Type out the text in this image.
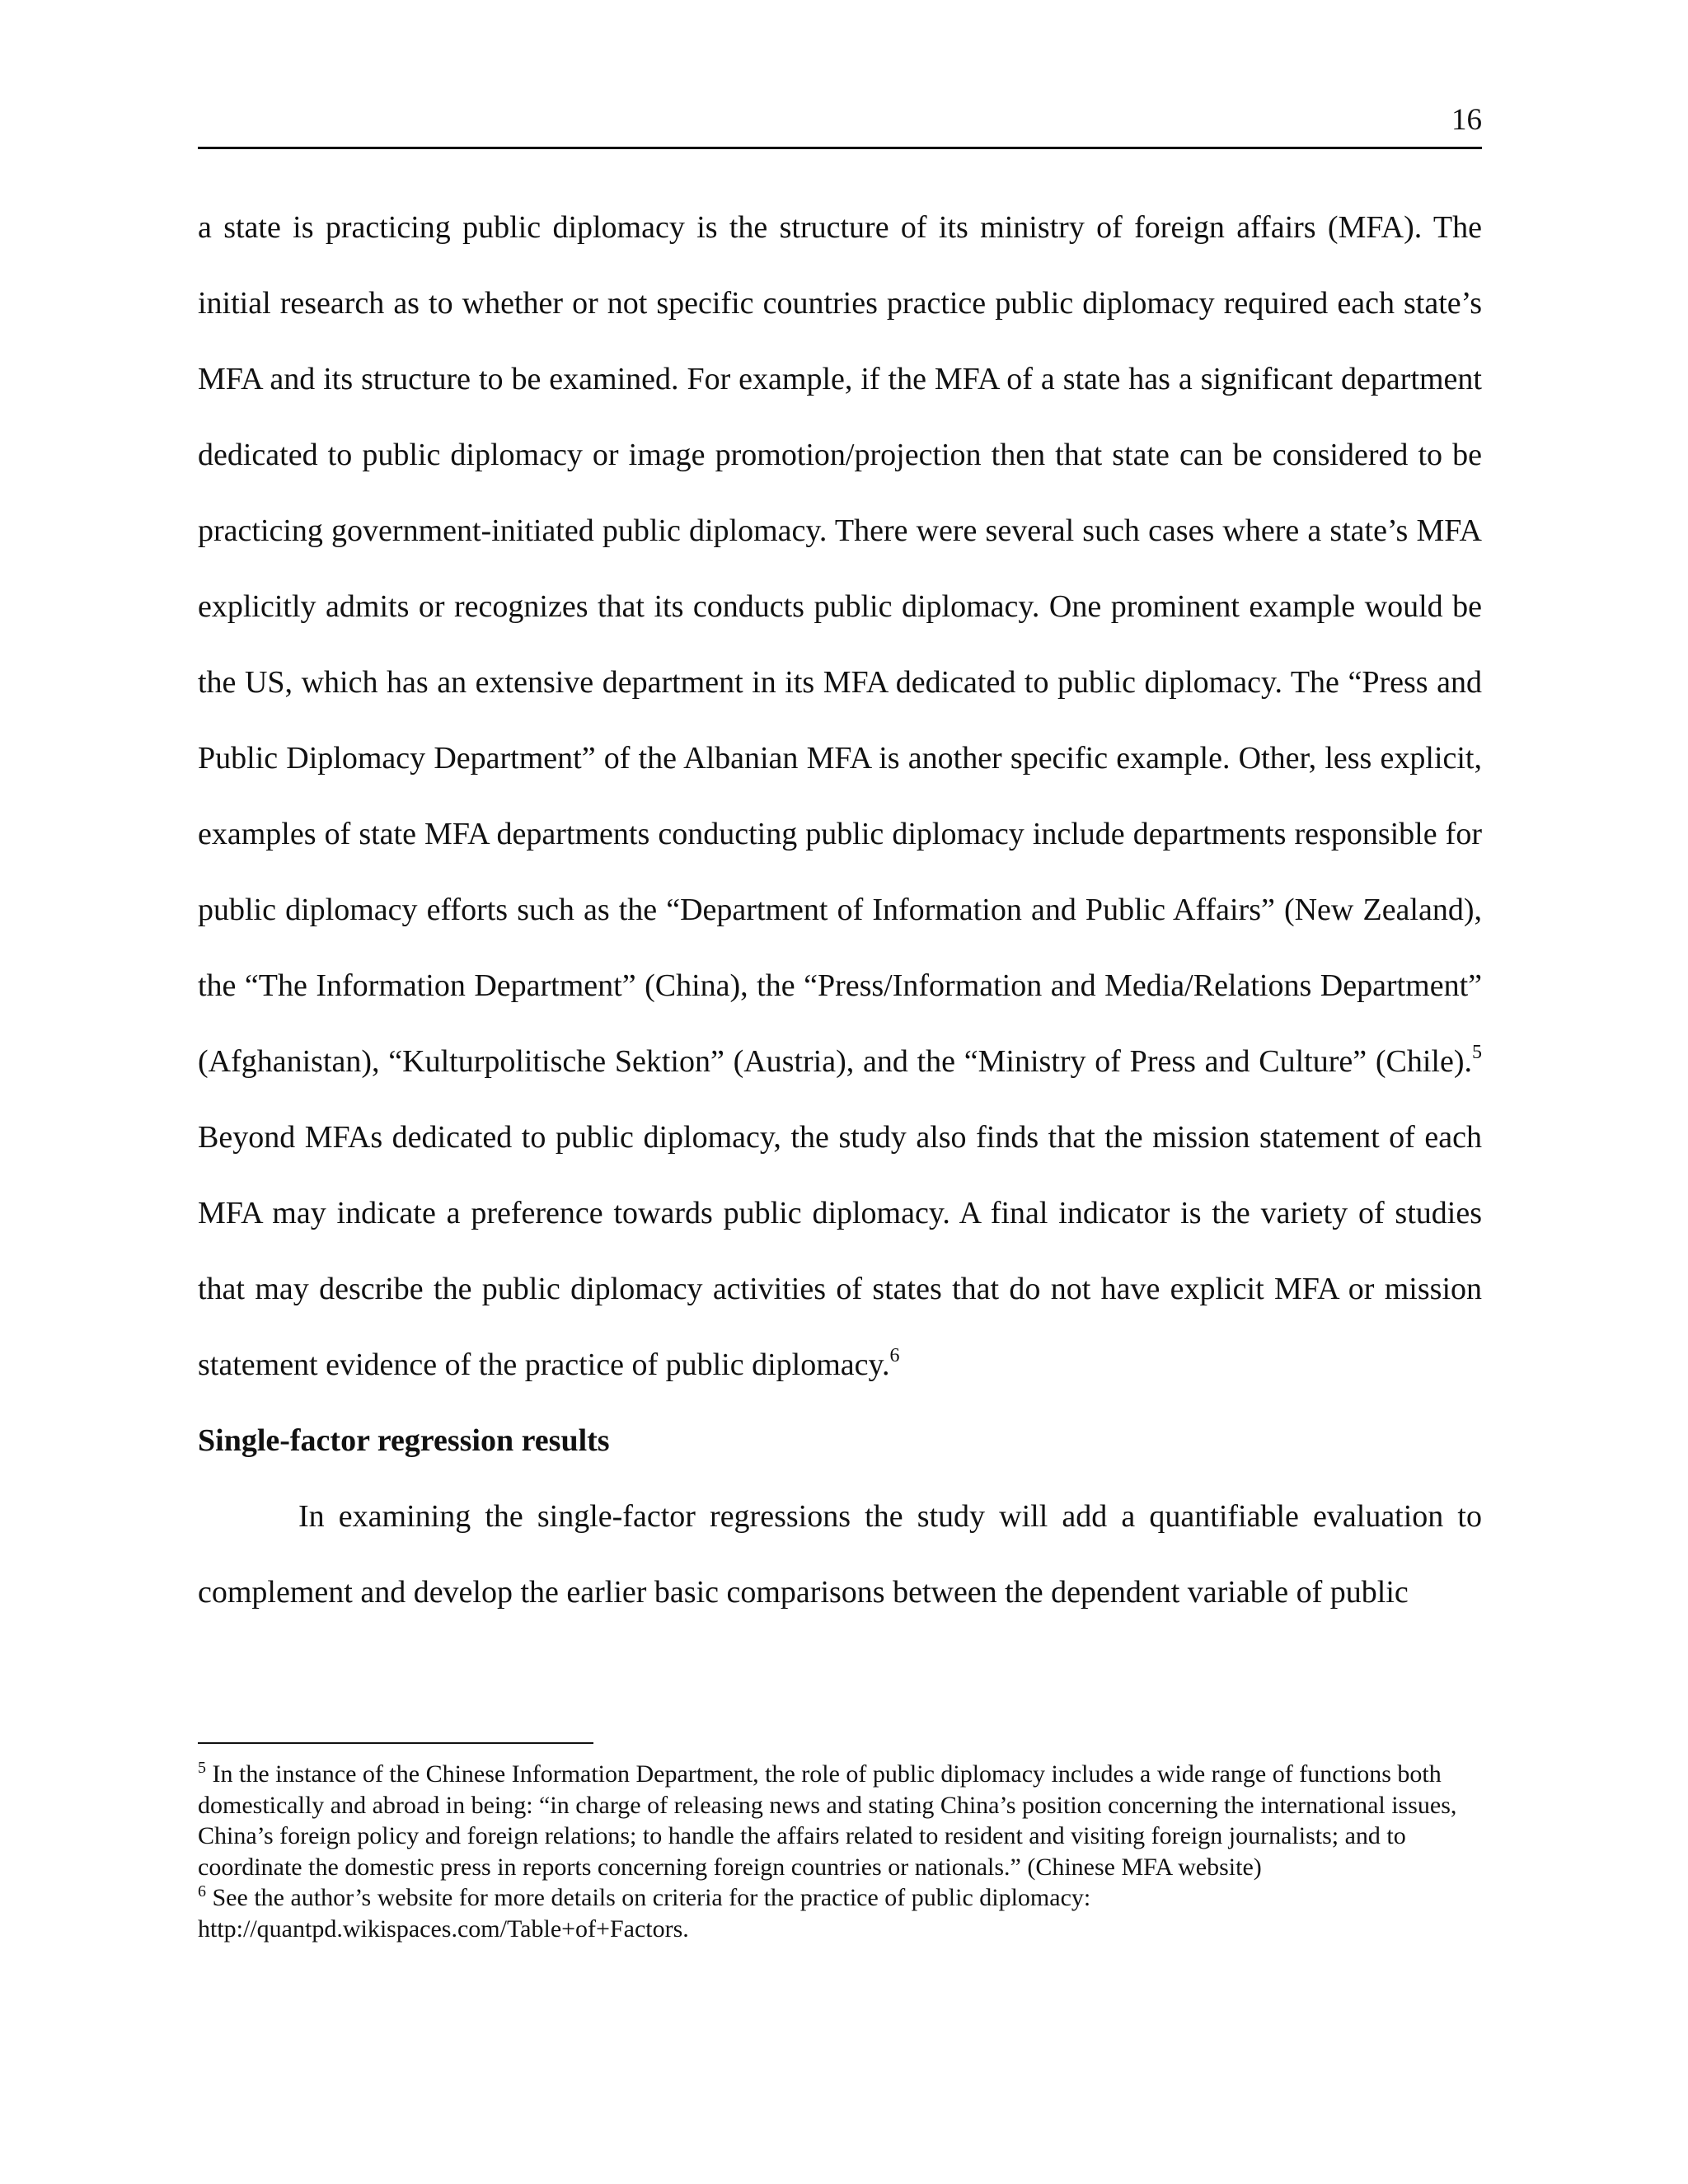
16

a state is practicing public diplomacy is the structure of its ministry of foreign affairs (MFA). The initial research as to whether or not specific countries practice public diplomacy required each state’s MFA and its structure to be examined. For example, if the MFA of a state has a significant department dedicated to public diplomacy or image promotion/projection then that state can be considered to be practicing government-initiated public diplomacy. There were several such cases where a state’s MFA explicitly admits or recognizes that its conducts public diplomacy. One prominent example would be the US, which has an extensive department in its MFA dedicated to public diplomacy. The “Press and Public Diplomacy Department” of the Albanian MFA is another specific example. Other, less explicit, examples of state MFA departments conducting public diplomacy include departments responsible for public diplomacy efforts such as the “Department of Information and Public Affairs” (New Zealand), the “The Information Department” (China), the “Press/Information and Media/Relations Department” (Afghanistan), “Kulturpolitische Sektion” (Austria), and the “Ministry of Press and Culture” (Chile).$^5$ Beyond MFAs dedicated to public diplomacy, the study also finds that the mission statement of each MFA may indicate a preference towards public diplomacy. A final indicator is the variety of studies that may describe the public diplomacy activities of states that do not have explicit MFA or mission statement evidence of the practice of public diplomacy.$^6$

Single-factor regression results

In examining the single-factor regressions the study will add a quantifiable evaluation to complement and develop the earlier basic comparisons between the dependent variable of public

$^5$ In the instance of the Chinese Information Department, the role of public diplomacy includes a wide range of functions both domestically and abroad in being: “in charge of releasing news and stating China’s position concerning the international issues, China’s foreign policy and foreign relations; to handle the affairs related to resident and visiting foreign journalists; and to coordinate the domestic press in reports concerning foreign countries or nationals.” (Chinese MFA website)

$^6$ See the author’s website for more details on criteria for the practice of public diplomacy:
http://quantpd.wikispaces.com/Table+of+Factors.
